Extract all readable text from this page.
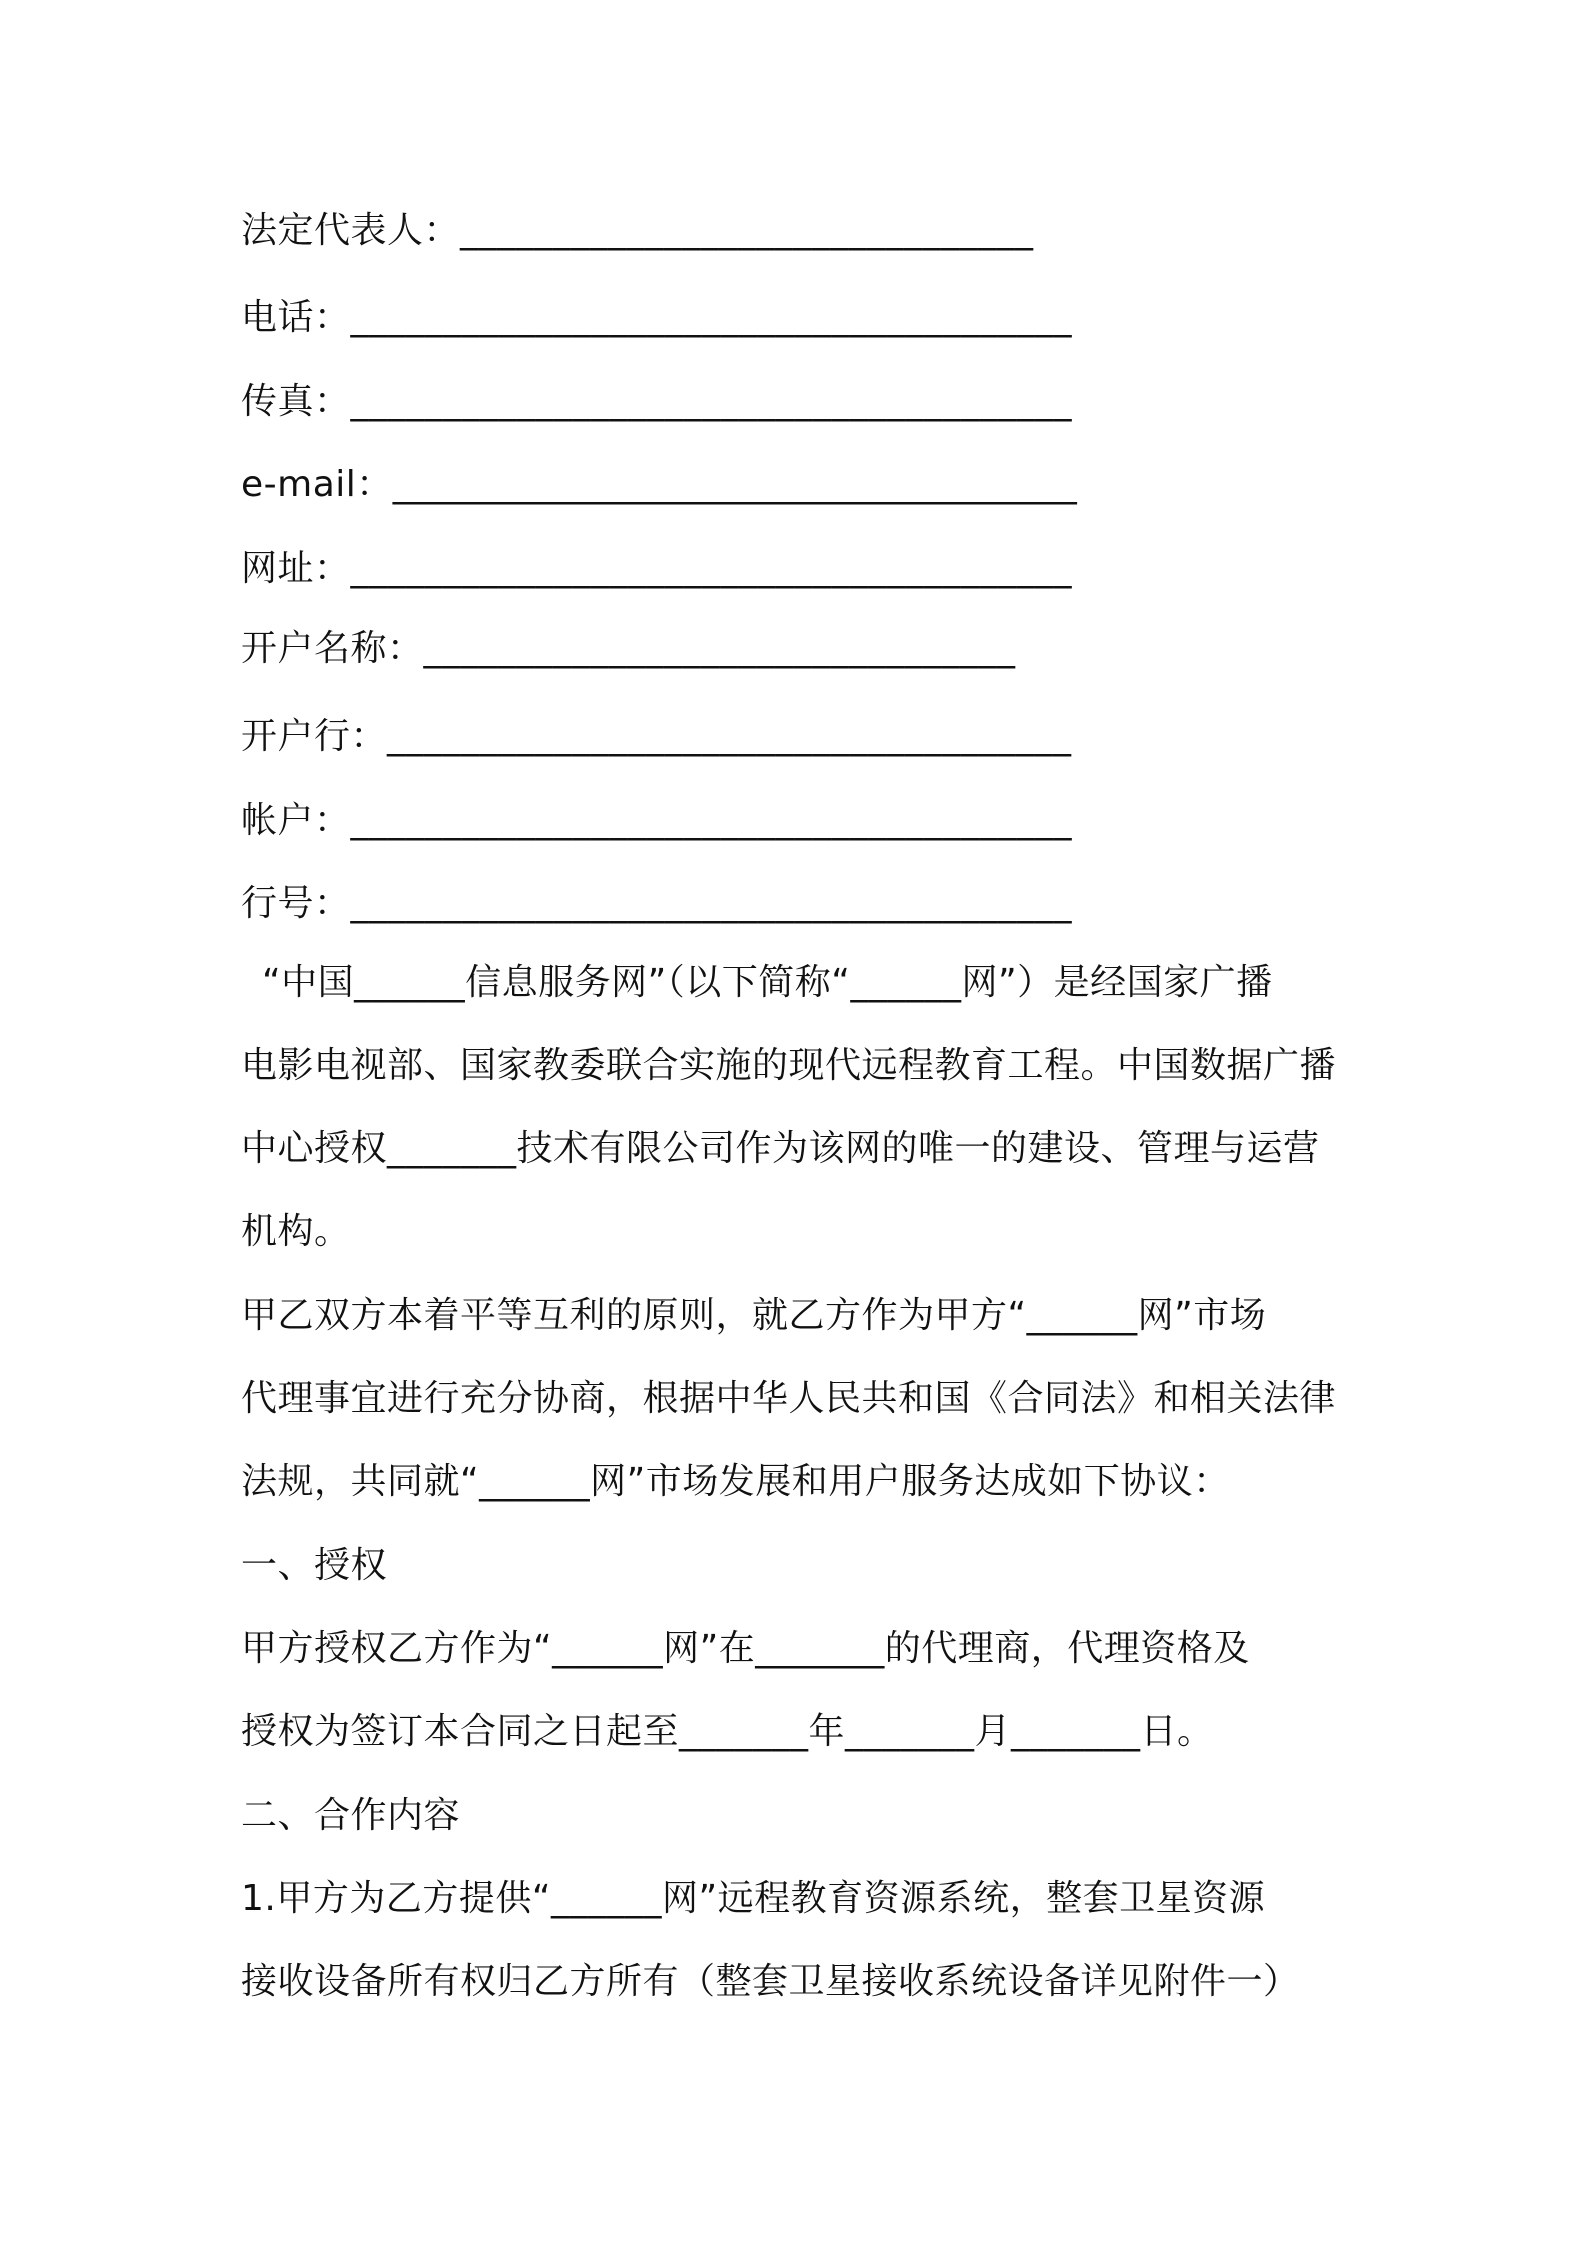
法定代表人：_______________________________
电话：_______________________________________
传真：_______________________________________
e-mail：_____________________________________
网址：_______________________________________
开户名称：________________________________
开户行：_____________________________________
帐户：_______________________________________
行号：_______________________________________
“中国______信息服务网”（以下简称“______网”）是经国家广播
电影电视部、国家教委联合实施的现代远程教育工程。中国数据广播
中心授权_______技术有限公司作为该网的唯一的建设、管理与运营
机构。
甲乙双方本着平等互利的原则，就乙方作为甲方“______网”市场
代理事宜进行充分协商，根据中华人民共和国《合同法》和相关法律
法规，共同就“______网”市场发展和用户服务达成如下协议：
一、授权
甲方授权乙方作为“______网”在_______的代理商，代理资格及
授权为签订本合同之日起至_______年_______月_______日。
二、合作内容
1.甲方为乙方提供“______网”远程教育资源系统，整套卫星资源
接收设备所有权归乙方所有（整套卫星接收系统设备详见附件一）
